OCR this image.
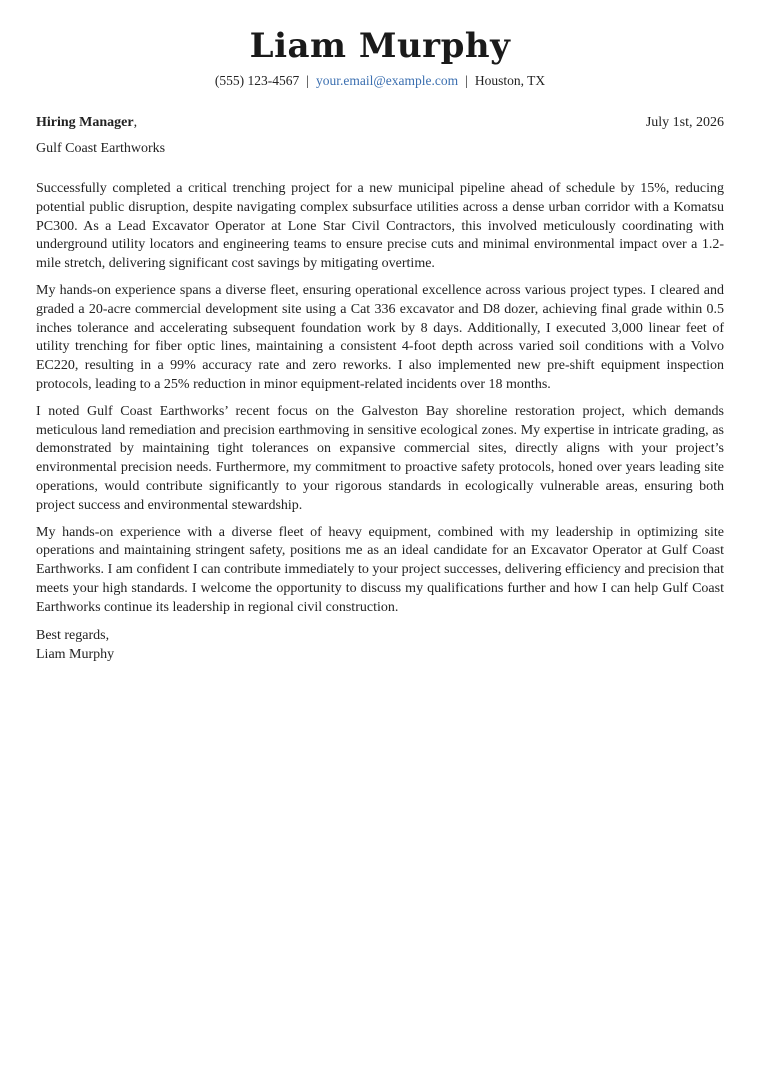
Liam Murphy
(555) 123-4567 | your.email@example.com | Houston, TX
Hiring Manager,	July 1st, 2026
Gulf Coast Earthworks

Successfully completed a critical trenching project for a new municipal pipeline ahead of schedule by 15%, reducing potential public disruption, despite navigating complex subsurface utilities across a dense urban corridor with a Komatsu PC300. As a Lead Excavator Operator at Lone Star Civil Contractors, this involved meticulously coordinating with underground utility locators and engineering teams to ensure precise cuts and minimal environmental impact over a 1.2-mile stretch, delivering significant cost savings by mitigating overtime.

My hands-on experience spans a diverse fleet, ensuring operational excellence across various project types. I cleared and graded a 20-acre commercial development site using a Cat 336 excavator and D8 dozer, achieving final grade within 0.5 inches tolerance and accelerating subsequent foundation work by 8 days. Additionally, I executed 3,000 linear feet of utility trenching for fiber optic lines, maintaining a consistent 4-foot depth across varied soil conditions with a Volvo EC220, resulting in a 99% accuracy rate and zero reworks. I also implemented new pre-shift equipment inspection protocols, leading to a 25% reduction in minor equipment-related incidents over 18 months.

I noted Gulf Coast Earthworks’ recent focus on the Galveston Bay shoreline restoration project, which demands meticulous land remediation and precision earthmoving in sensitive ecological zones. My expertise in intricate grading, as demonstrated by maintaining tight tolerances on expansive commercial sites, directly aligns with your project’s environmental precision needs. Furthermore, my commitment to proactive safety protocols, honed over years leading site operations, would contribute significantly to your rigorous standards in ecologically vulnerable areas, ensuring both project success and environmental stewardship.

My hands-on experience with a diverse fleet of heavy equipment, combined with my leadership in optimizing site operations and maintaining stringent safety, positions me as an ideal candidate for an Excavator Operator at Gulf Coast Earthworks. I am confident I can contribute immediately to your project successes, delivering efficiency and precision that meets your high standards. I welcome the opportunity to discuss my qualifications further and how I can help Gulf Coast Earthworks continue its leadership in regional civil construction.

Best regards,
Liam Murphy
